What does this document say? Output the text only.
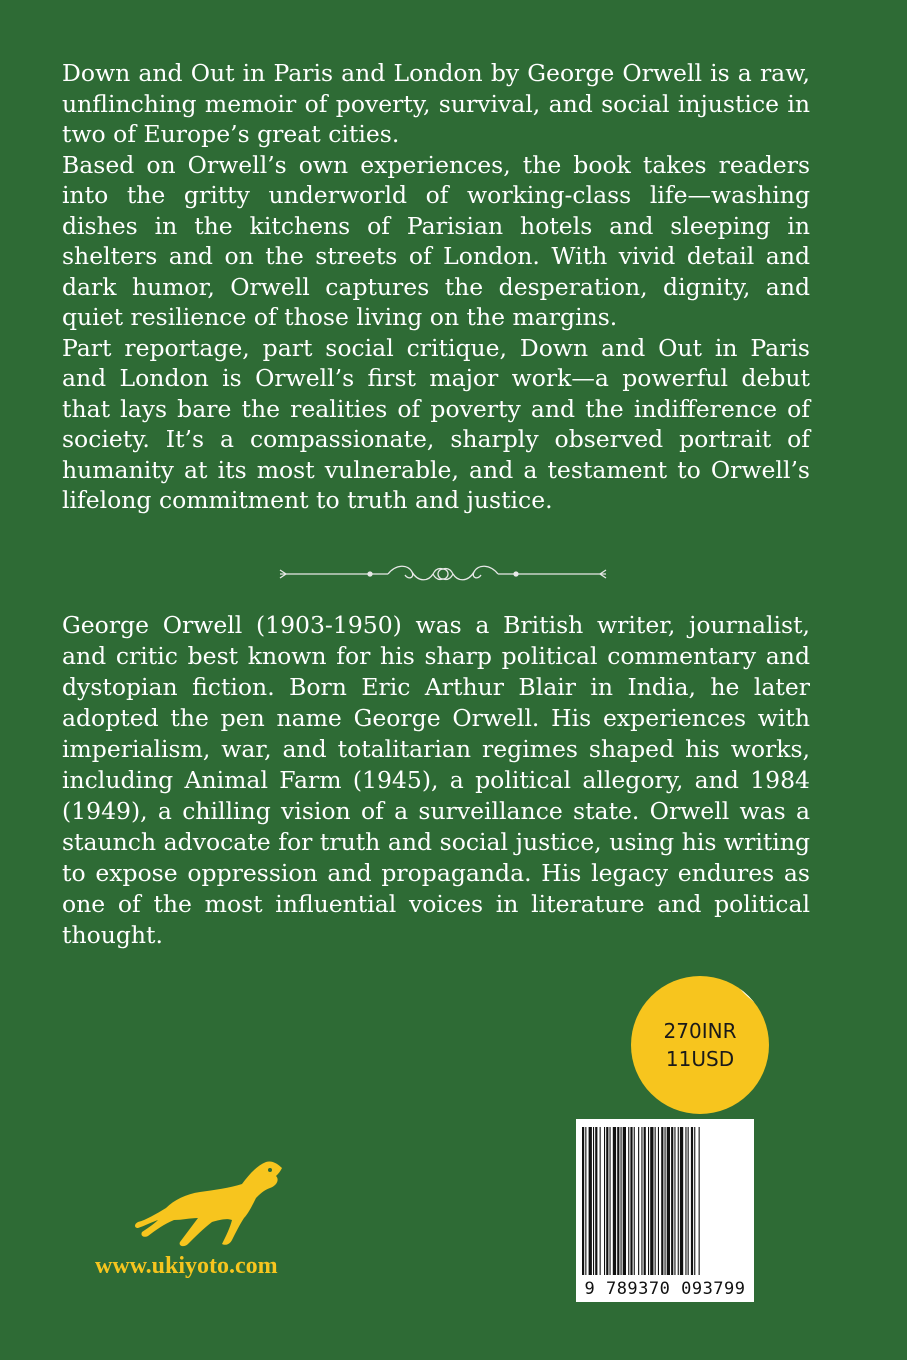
Down and Out in Paris and London by George Orwell is a raw, unflinching memoir of poverty, survival, and social injustice in two of Europe’s great cities.

Based on Orwell’s own experiences, the book takes readers into the gritty underworld of working-class life—washing dishes in the kitchens of Parisian hotels and sleeping in shelters and on the streets of London. With vivid detail and dark humor, Orwell captures the desperation, dignity, and quiet resilience of those living on the margins.

Part reportage, part social critique, Down and Out in Paris and London is Orwell’s first major work—a powerful debut that lays bare the realities of poverty and the indifference of society. It’s a compassionate, sharply observed portrait of humanity at its most vulnerable, and a testament to Orwell’s lifelong commitment to truth and justice.

George Orwell (1903-1950) was a British writer, journalist, and critic best known for his sharp political commentary and dystopian fiction. Born Eric Arthur Blair in India, he later adopted the pen name George Orwell. His experiences with imperialism, war, and totalitarian regimes shaped his works, including Animal Farm (1945), a political allegory, and 1984 (1949), a chilling vision of a surveillance state. Orwell was a staunch advocate for truth and social justice, using his writing to expose oppression and propaganda. His legacy endures as one of the most influential voices in literature and political thought.

270INR
11USD
9 789370 093799
www.ukiyoto.com
